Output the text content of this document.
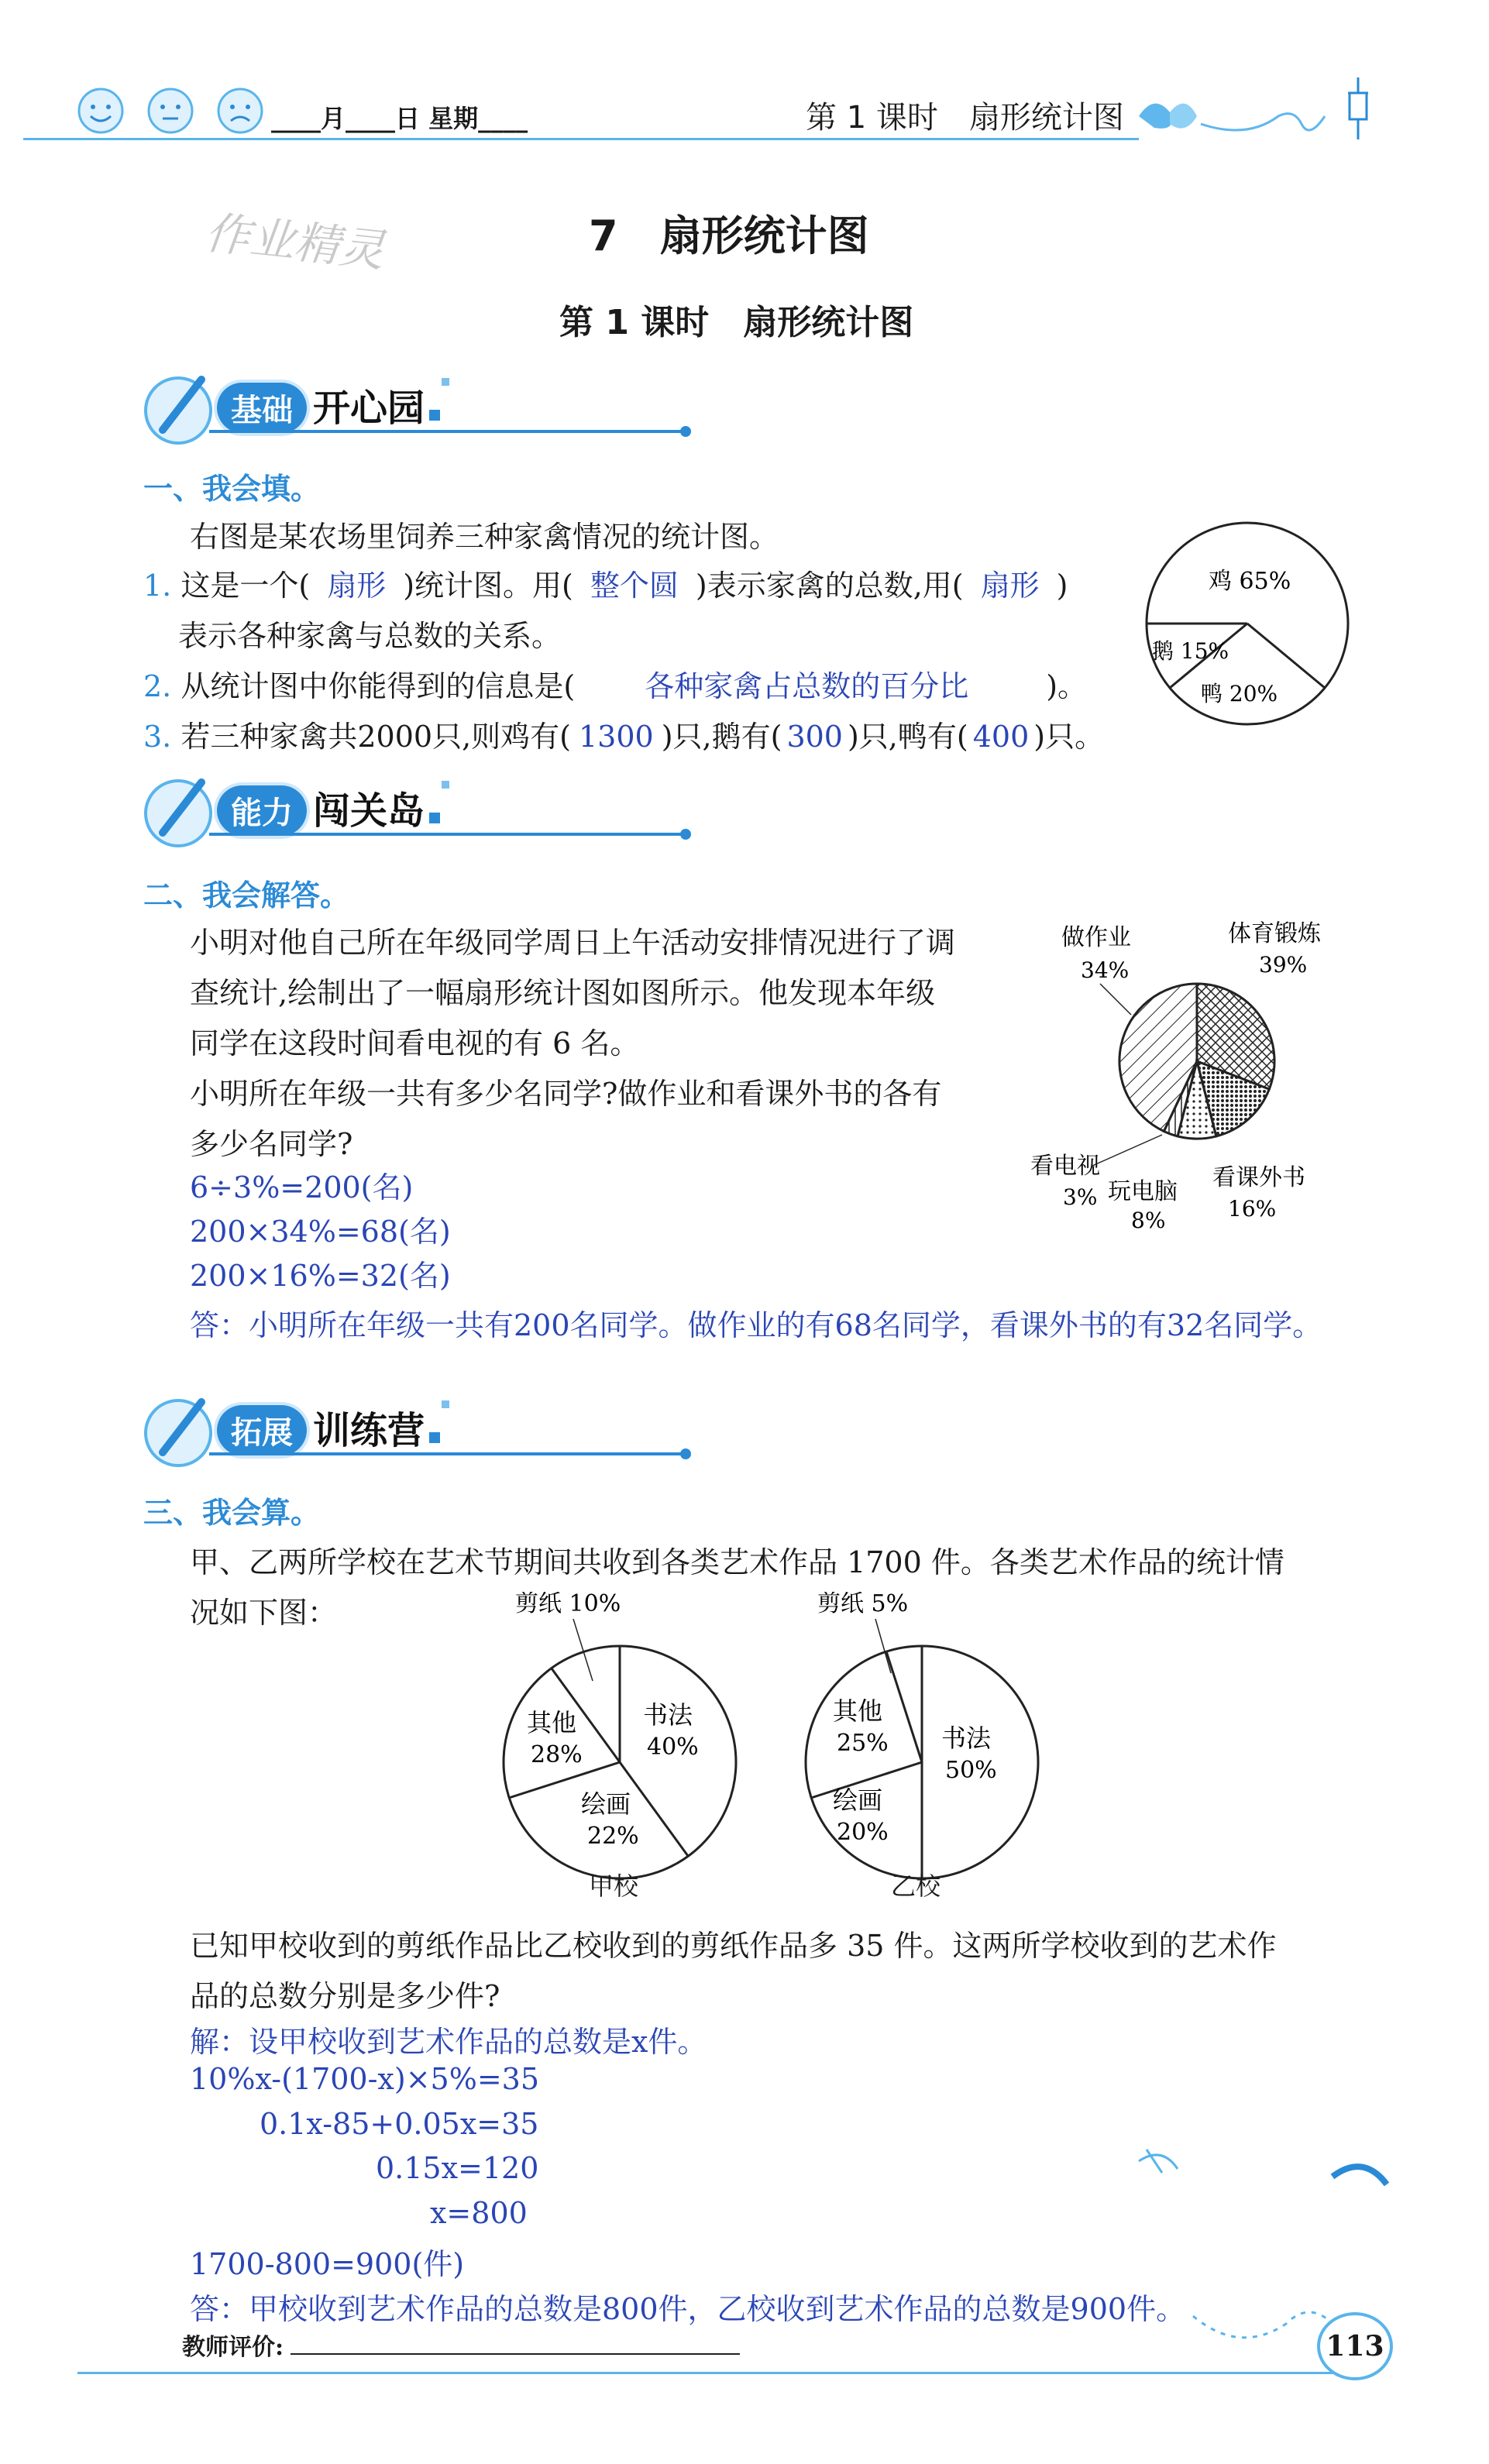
____月____日 星期____	第 1 课时　扇形统计图
作业精灵	7　扇形统计图
第 1 课时　扇形统计图
基础 开心园
一、我会填。
右图是某农场里饲养三种家禽情况的统计图。
1. 这是一个( 扇形 )统计图。用( 整个圆 )表示家禽的总数,用( 扇形 )
表示各种家禽与总数的关系。
2. 从统计图中你能得到的信息是( 各种家禽占总数的百分比	)。
3. 若三种家禽共2000只,则鸡有( 1300 )只,鹅有( 300 )只,鸭有( 400 )只。
鸡 65%
鹅 15%
鸭 20%
能力 闯关岛
二、我会解答。
小明对他自己所在年级同学周日上午活动安排情况进行了调
查统计,绘制出了一幅扇形统计图如图所示。他发现本年级
同学在这段时间看电视的有 6 名。
小明所在年级一共有多少名同学?做作业和看课外书的各有
多少名同学?
6÷3%=200(名)
200×34%=68(名)
200×16%=32(名)
答：小明所在年级一共有200名同学。做作业的有68名同学，看课外书的有32名同学。
做作业
34%
体育锻炼
39%
看电视
3% 玩电脑
8%
看课外书
16%
拓展 训练营
三、我会算。
甲、乙两所学校在艺术节期间共收到各类艺术作品 1700 件。各类艺术作品的统计情
况如下图：	剪纸 10%
书法
40%
其他
28%
绘画
22%
甲校
剪纸 5%
书法
50%
其他
25%
绘画
20%
乙校
已知甲校收到的剪纸作品比乙校收到的剪纸作品多 35 件。这两所学校收到的艺术作
品的总数分别是多少件?
解：设甲校收到艺术作品的总数是x件。
10%x-(1700-x)×5%=35
0.1x-85+0.05x=35
0.15x=120
x=800
1700-800=900(件)
答：甲校收到艺术作品的总数是800件，乙校收到艺术作品的总数是900件。
教师评价:	113
